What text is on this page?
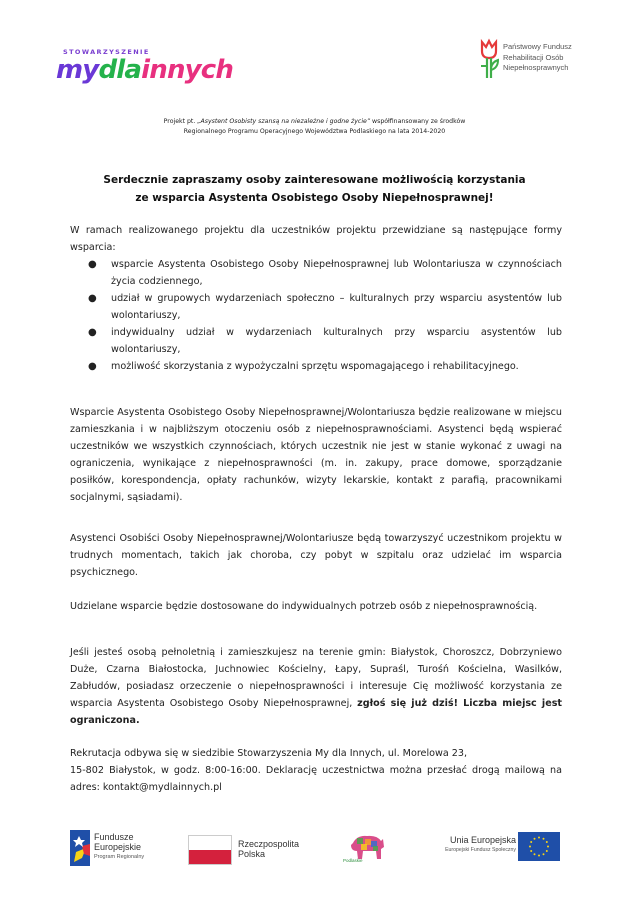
STOWARZYSZENIE
mydlainnych
Państwowy Fundusz
Rehabilitacji Osób
Niepełnosprawnych
Projekt pt. „Asystent Osobisty szansą na niezależne i godne życie” współfinansowany ze środków
Regionalnego Programu Operacyjnego Województwa Podlaskiego na lata 2014-2020
Serdecznie zapraszamy osoby zainteresowane możliwością korzystania
ze wsparcia Asystenta Osobistego Osoby Niepełnosprawnej!
W ramach realizowanego projektu dla uczestników projektu przewidziane są następujące formy wsparcia:
● wsparcie Asystenta Osobistego Osoby Niepełnosprawnej lub Wolontariusza w czynnościach życia codziennego,
● udział w grupowych wydarzeniach społeczno – kulturalnych przy wsparciu asystentów lub wolontariuszy,
● indywidualny udział w wydarzeniach kulturalnych przy wsparciu asystentów lub wolontariuszy,
● możliwość skorzystania z wypożyczalni sprzętu wspomagającego i rehabilitacyjnego.
Wsparcie Asystenta Osobistego Osoby Niepełnosprawnej/Wolontariusza będzie realizowane w miejscu zamieszkania i w najbliższym otoczeniu osób z niepełnosprawnościami. Asystenci będą wspierać uczestników we wszystkich czynnościach, których uczestnik nie jest w stanie wykonać z uwagi na ograniczenia, wynikające z niepełnosprawności (m. in. zakupy, prace domowe, sporządzanie posiłków, korespondencja, opłaty rachunków, wizyty lekarskie, kontakt z parafią, pracownikami socjalnymi, sąsiadami).
Asystenci Osobiści Osoby Niepełnosprawnej/Wolontariusze będą towarzyszyć uczestnikom projektu w trudnych momentach, takich jak choroba, czy pobyt w szpitalu oraz udzielać im wsparcia psychicznego.
Udzielane wsparcie będzie dostosowane do indywidualnych potrzeb osób z niepełnosprawnością.
Jeśli jesteś osobą pełnoletnią i zamieszkujesz na terenie gmin: Białystok, Choroszcz, Dobrzyniewo Duże, Czarna Białostocka, Juchnowiec Kościelny, Łapy, Supraśl, Turośń Kościelna, Wasilków, Zabłudów, posiadasz orzeczenie o niepełnosprawności i interesuje Cię możliwość korzystania ze wsparcia Asystenta Osobistego Osoby Niepełnosprawnej, zgłoś się już dziś! Liczba miejsc jest ograniczona.
Rekrutacja odbywa się w siedzibie Stowarzyszenia My dla Innych, ul. Morelowa 23,
15-802 Białystok, w godz. 8:00-16:00. Deklarację uczestnictwa można przesłać drogą mailową na adres: kontakt@mydlainnych.pl
Fundusze
Europejskie
Program Regionalny
Rzeczpospolita
Polska
Podlaskie
Unia Europejska
Europejski Fundusz Społeczny
